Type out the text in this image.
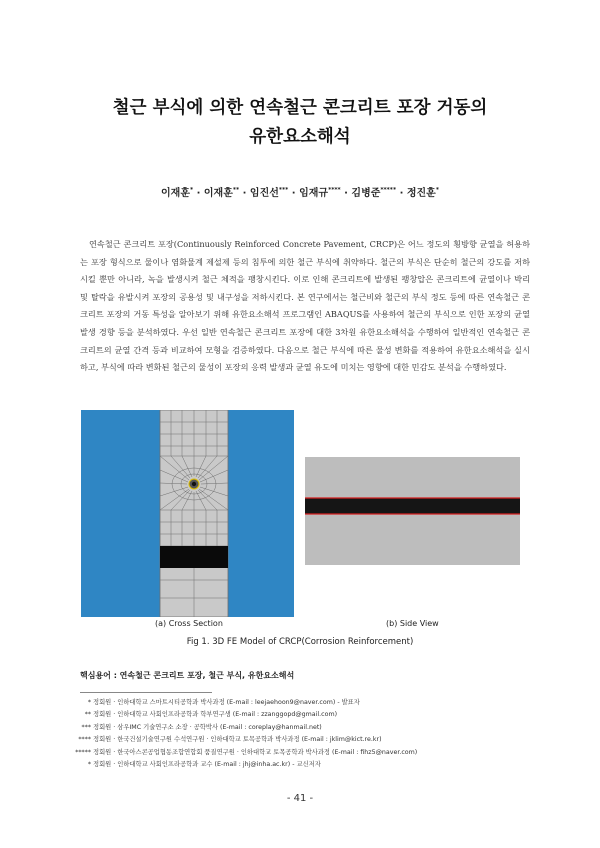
철근 부식에 의한 연속철근 콘크리트 포장 거동의
유한요소해석
이재훈* · 이재훈** · 임진선*** · 임재규**** · 김병준***** · 정진훈*

연속철근 콘크리트 포장(Continuously Reinforced Concrete Pavement, CRCP)은 어느 정도의 횡방향 균열을 허용하는 포장 형식으로 물이나 염화물계 제설제 등의 침투에 의한 철근 부식에 취약하다. 철근의 부식은 단순히 철근의 강도를 저하시킬 뿐만 아니라, 녹을 발생시켜 철근 체적을 팽창시킨다. 이로 인해 콘크리트에 발생된 팽창압은 콘크리트에 균열이나 박리 및 탈락을 유발시켜 포장의 공용성 및 내구성을 저하시킨다. 본 연구에서는 철근비와 철근의 부식 정도 등에 따른 연속철근 콘크리트 포장의 거동 특성을 알아보기 위해 유한요소해석 프로그램인 ABAQUS를 사용하여 철근의 부식으로 인한 포장의 균열 발생 경향 등을 분석하였다. 우선 일반 연속철근 콘크리트 포장에 대한 3차원 유한요소해석을 수행하여 일반적인 연속철근 콘크리트의 균열 간격 등과 비교하여 모형을 검증하였다. 다음으로 철근 부식에 따른 물성 변화를 적용하여 유한요소해석을 실시하고, 부식에 따라 변화된 철근의 물성이 포장의 응력 발생과 균열 유도에 미치는 영향에 대한 민감도 분석을 수행하였다.

(a) Cross Section	(b) Side View
Fig 1. 3D FE Model of CRCP(Corrosion Reinforcement)
핵심용어 : 연속철근 콘크리트 포장, 철근 부식, 유한요소해석
* 정회원 · 인하대학교 스마트시티공학과 박사과정 (E-mail : leejaehoon9@naver.com) - 발표자
** 정회원 · 인하대학교 사회인프라공학과 학부연구생 (E-mail : zzanggopd@gmail.com)
*** 정회원 · 삼우IMC 기술연구소 소장 · 공학박사 (E-mail : coreplay@hanmail.net)
**** 정회원 · 한국건설기술연구원 수석연구원 · 인하대학교 토목공학과 박사과정 (E-mail : jklim@kict.re.kr)
***** 정회원 · 한국아스콘공업협동조합연합회 품질연구원 · 인하대학교 토목공학과 박사과정 (E-mail : fihz5@naver.com)
* 정회원 · 인하대학교 사회인프라공학과 교수 (E-mail : jhj@inha.ac.kr) - 교신저자
- 41 -
